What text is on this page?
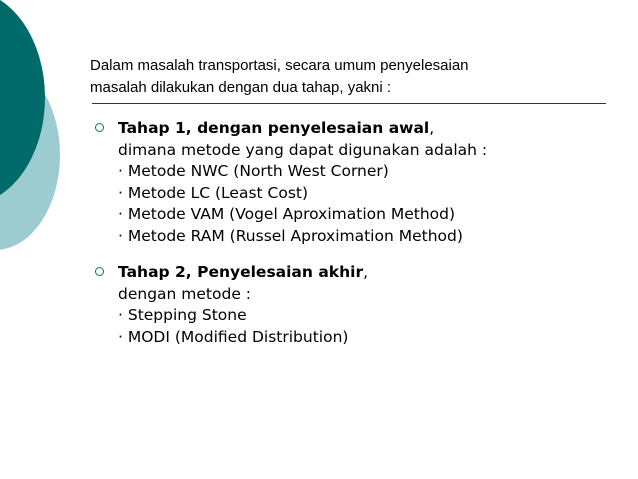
Dalam masalah transportasi, secara umum penyelesaian
masalah dilakukan dengan dua tahap, yakni :
Tahap 1, dengan penyelesaian awal,
dimana metode yang dapat digunakan adalah :
· Metode NWC (North West Corner)
· Metode LC (Least Cost)
· Metode VAM (Vogel Aproximation Method)
· Metode RAM (Russel Aproximation Method)
Tahap 2, Penyelesaian akhir,
dengan metode :
· Stepping Stone
· MODI (Modified Distribution)
